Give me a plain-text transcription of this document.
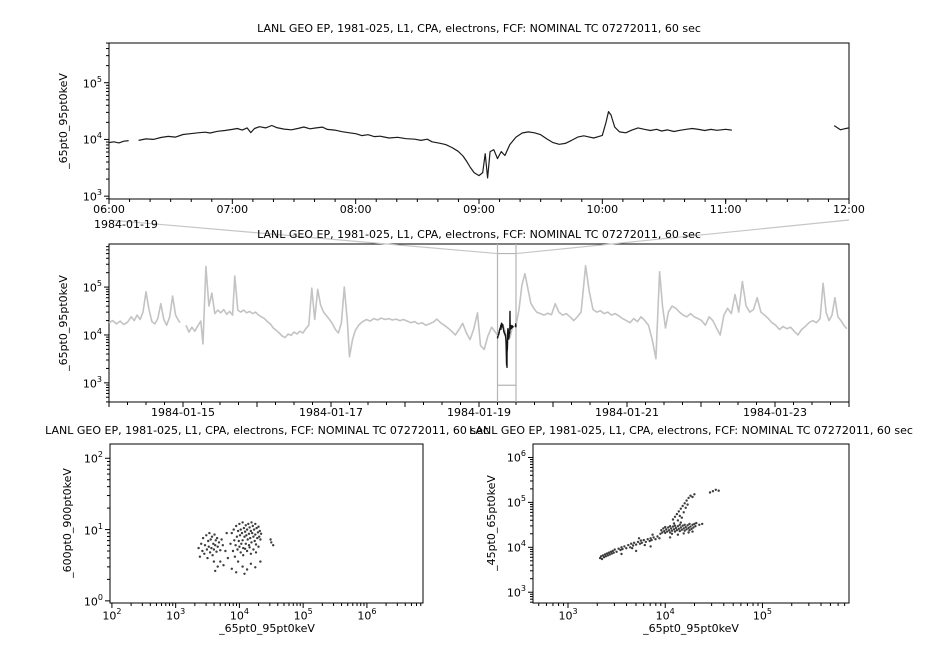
LANL GEO EP, 1981-025, L1, CPA, electrons, FCF: NOMINAL TC 07272011, 60 sec
LANL GEO EP, 1981-025, L1, CPA, electrons, FCF: NOMINAL TC 07272011, 60 sec
LANL GEO EP, 1981-025, L1, CPA, electrons, FCF: NOMINAL TC 07272011, 60 sec
LANL GEO EP, 1981-025, L1, CPA, electrons, FCF: NOMINAL TC 07272011, 60 sec
_65pt0_95pt0keV
_65pt0_95pt0keV
_600pt0_900pt0keV	_45pt0_65pt0keV
_65pt0_95pt0keV	_65pt0_95pt0keV
1984-01-19
$10^3$
$10^4$
$10^5$
06:00	07:00	08:00	09:00	10:00	11:00	12:00
$10^3$
$10^4$
$10^5$
1984-01-15	1984-01-17	1984-01-19	1984-01-21	1984-01-23
$10^2$	$10^3$	$10^4$	$10^5$	$10^6$
$10^0$
$10^1$
$10^2$
$10^3$	$10^4$	$10^5$
$10^3$
$10^4$
$10^5$
$10^6$
